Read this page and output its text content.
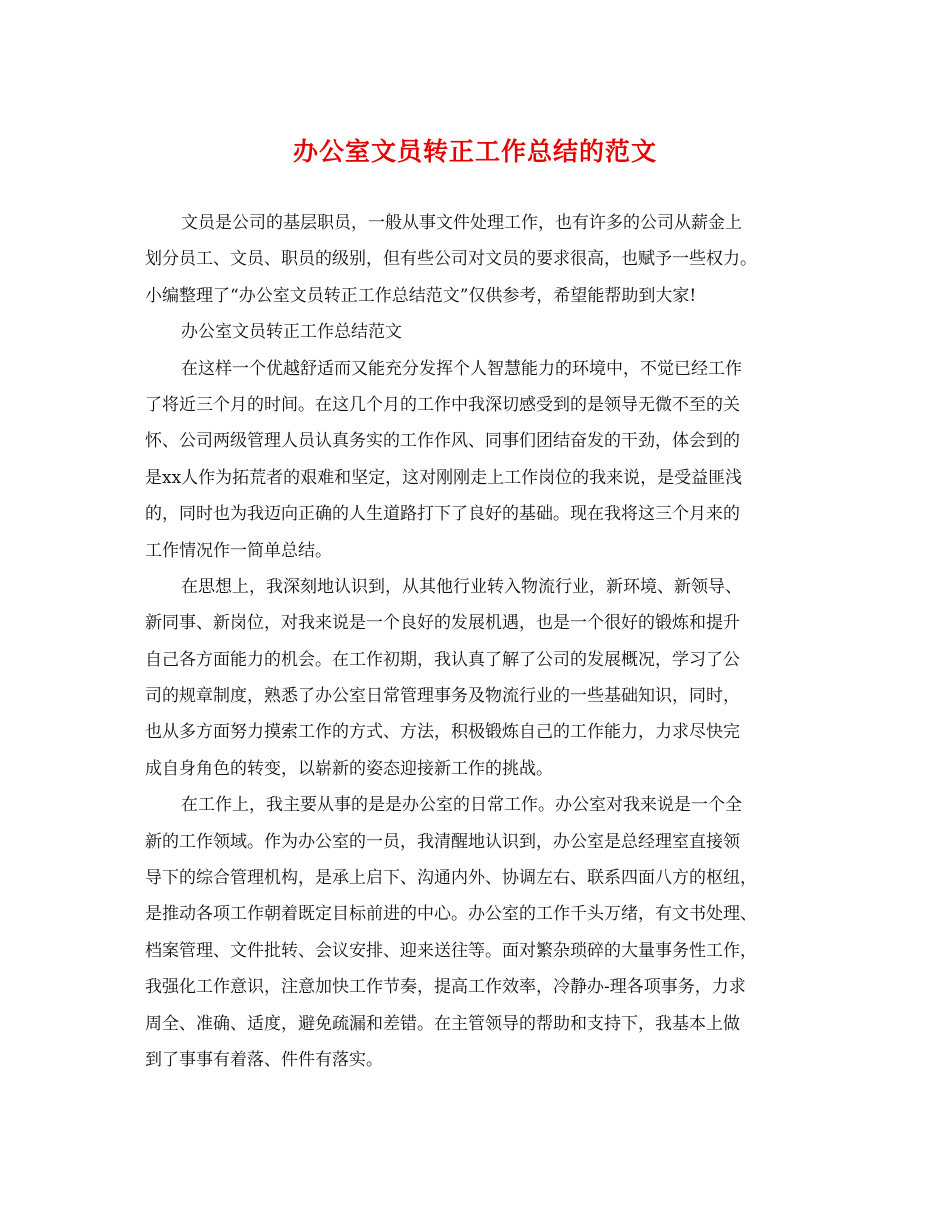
办公室文员转正工作总结的范文
文员是公司的基层职员，一般从事文件处理工作，也有许多的公司从薪金上
划分员工、文员、职员的级别，但有些公司对文员的要求很高，也赋予一些权力。
小编整理了“办公室文员转正工作总结范文”仅供参考，希望能帮助到大家!
办公室文员转正工作总结范文
在这样一个优越舒适而又能充分发挥个人智慧能力的环境中，不觉已经工作
了将近三个月的时间。在这几个月的工作中我深切感受到的是领导无微不至的关
怀、公司两级管理人员认真务实的工作作风、同事们团结奋发的干劲，体会到的
是xx人作为拓荒者的艰难和坚定，这对刚刚走上工作岗位的我来说，是受益匪浅
的，同时也为我迈向正确的人生道路打下了良好的基础。现在我将这三个月来的
工作情况作一简单总结。
在思想上，我深刻地认识到，从其他行业转入物流行业，新环境、新领导、
新同事、新岗位，对我来说是一个良好的发展机遇，也是一个很好的锻炼和提升
自己各方面能力的机会。在工作初期，我认真了解了公司的发展概况，学习了公
司的规章制度，熟悉了办公室日常管理事务及物流行业的一些基础知识，同时，
也从多方面努力摸索工作的方式、方法，积极锻炼自己的工作能力，力求尽快完
成自身角色的转变，以崭新的姿态迎接新工作的挑战。
在工作上，我主要从事的是是办公室的日常工作。办公室对我来说是一个全
新的工作领域。作为办公室的一员，我清醒地认识到，办公室是总经理室直接领
导下的综合管理机构，是承上启下、沟通内外、协调左右、联系四面八方的枢纽，
是推动各项工作朝着既定目标前进的中心。办公室的工作千头万绪，有文书处理、
档案管理、文件批转、会议安排、迎来送往等。面对繁杂琐碎的大量事务性工作，
我强化工作意识，注意加快工作节奏，提高工作效率，冷静办-理各项事务，力求
周全、准确、适度，避免疏漏和差错。在主管领导的帮助和支持下，我基本上做
到了事事有着落、件件有落实。
